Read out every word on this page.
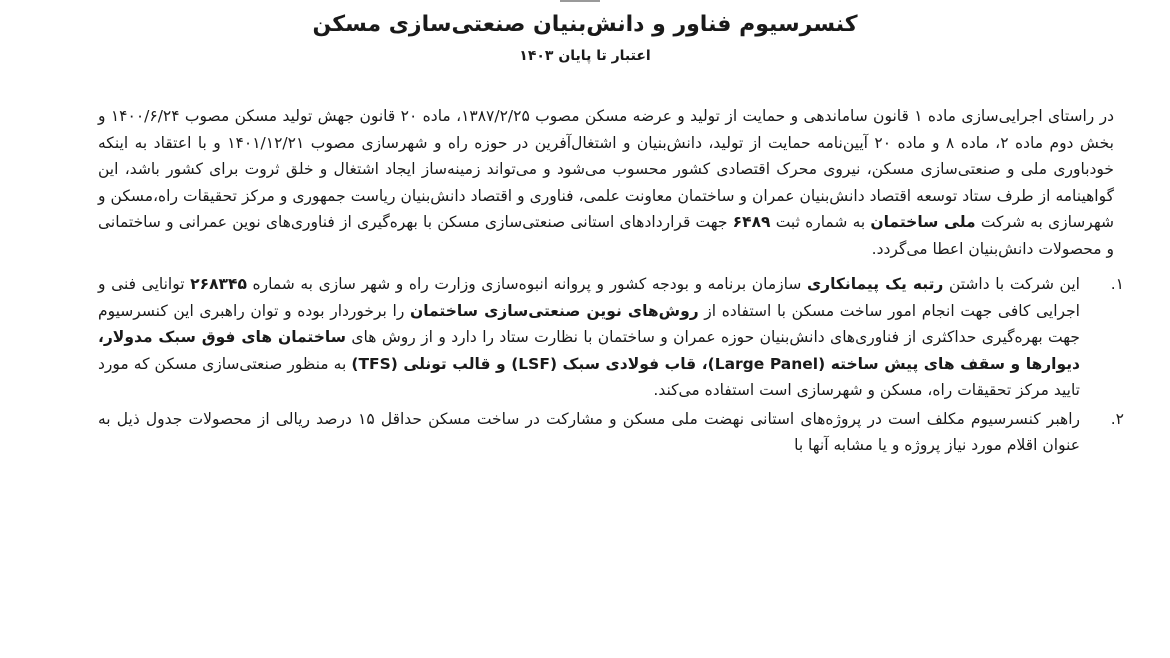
کنسرسیوم فناور و دانش‌بنیان صنعتی‌سازی مسکن
اعتبار تا پایان ۱۴۰۳

در راستای اجرایی‌سازی ماده ۱ قانون ساماندهی و حمایت از تولید و عرضه مسکن مصوب ۱۳۸۷/۲/۲۵، ماده ۲۰ قانون جهش تولید مسکن مصوب ۱۴۰۰/۶/۲۴ و بخش دوم ماده ۲، ماده ۸ و ماده ۲۰ آیین‌نامه حمایت از تولید، دانش‌بنیان و اشتغال‌آفرین در حوزه راه و شهرسازی مصوب ۱۴۰۱/۱۲/۲۱ و با اعتقاد به اینکه خودباوری ملی و صنعتی‌سازی مسکن، نیروی محرک اقتصادی کشور محسوب می‌شود و می‌تواند زمینه‌ساز ایجاد اشتغال و خلق ثروت برای کشور باشد، این گواهینامه از طرف ستاد توسعه اقتصاد دانش‌بنیان عمران و ساختمان معاونت علمی، فناوری و اقتصاد دانش‌بنیان ریاست جمهوری و مرکز تحقیقات راه،مسکن و شهرسازی به شرکت ملی ساختمان به شماره ثبت ۶۴۸۹ جهت قراردادهای استانی صنعتی‌سازی مسکن با بهره‌گیری از فناوری‌های نوین عمرانی و ساختمانی و محصولات دانش‌بنیان اعطا می‌گردد.

۱.
این شرکت با داشتن رتبه یک پیمانکاری سازمان برنامه و بودجه کشور و پروانه انبوه‌سازی وزارت راه و شهر سازی به شماره ۲۶۸۳۴۵ توانایی فنی و اجرایی کافی جهت انجام امور ساخت مسکن با استفاده از روش‌های نوین صنعتی‌سازی ساختمان را برخوردار بوده و توان راهبری این کنسرسیوم جهت بهره‌گیری حداکثری از فناوری‌های دانش‌بنیان حوزه عمران و ساختمان با نظارت ستاد را دارد و از روش های ساختمان های فوق سبک مدولار، دیوارها و سقف های پیش ساخته (Large Panel)، قاب فولادی سبک (LSF) و قالب تونلی (TFS) به منظور صنعتی‌سازی مسکن که مورد تایید مرکز تحقیقات راه، مسکن و شهرسازی است استفاده می‌کند.
۲.
راهبر کنسرسیوم مکلف است در پروژه‌های استانی نهضت ملی مسکن و مشارکت در ساخت مسکن حداقل ۱۵ درصد ریالی از محصولات جدول ذیل به عنوان اقلام مورد نیاز پروژه و یا مشابه آنها با
